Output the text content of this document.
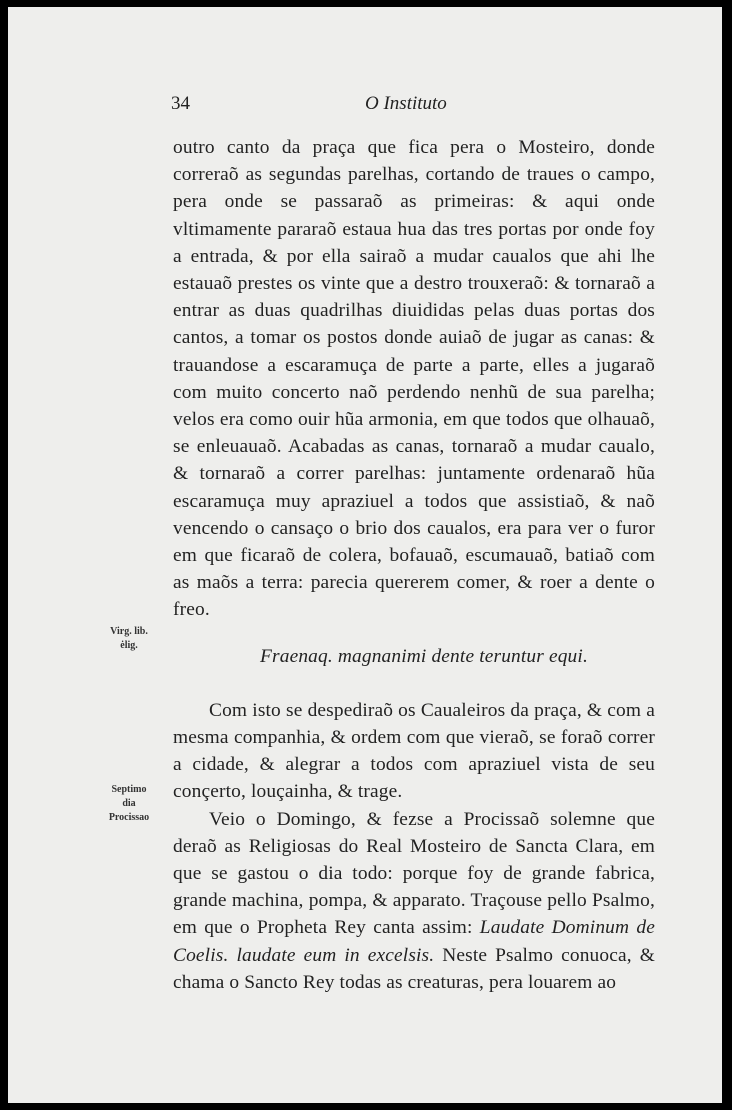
34	O Instituto
Virg. lib.
ėlig.
Septimo
dia
Procissao

outro canto da praça que fica pera o Mosteiro, donde correraõ as segundas parelhas, cortando de traues o campo, pera onde se passaraõ as primeiras: & aqui onde vltimamente pararaõ estaua hua das tres portas por onde foy a entrada, & por ella sairaõ a mudar caualos que ahi lhe estauaõ prestes os vinte que a destro trouxeraõ: & tornaraõ a entrar as duas quadrilhas diuididas pelas duas portas dos cantos, a tomar os postos donde auiaõ de jugar as canas: & trauandose a escaramuça de parte a parte, elles a jugaraõ com muito concerto naõ perdendo nenhũ de sua parelha; velos era como ouir hũa armonia, em que todos que olhauaõ, se enleuauaõ. Acabadas as canas, tornaraõ a mudar caualo, & tornaraõ a correr parelhas: juntamente ordenaraõ hũa escaramuça muy apraziuel a todos que assistiaõ, & naõ vencendo o cansaço o brio dos caualos, era para ver o furor em que ficaraõ de colera, bofauaõ, escumauaõ, batiaõ com as maõs a terra: parecia quererem comer, & roer a dente o freo.

Fraenaq. magnanimi dente teruntur equi.

Com isto se despediraõ os Caualeiros da praça, & com a mesma companhia, & ordem com que vieraõ, se foraõ correr a cidade, & alegrar a todos com apraziuel vista de seu conçerto, louçainha, & trage.

Veio o Domingo, & fezse a Procissaõ solemne que deraõ as Religiosas do Real Mosteiro de Sancta Clara, em que se gastou o dia todo: porque foy de grande fabrica, grande machina, pompa, & apparato. Traçouse pello Psalmo, em que o Propheta Rey canta assim: Laudate Dominum de Coelis. laudate eum in excelsis. Neste Psalmo conuoca, & chama o Sancto Rey todas as creaturas, pera louarem ao
